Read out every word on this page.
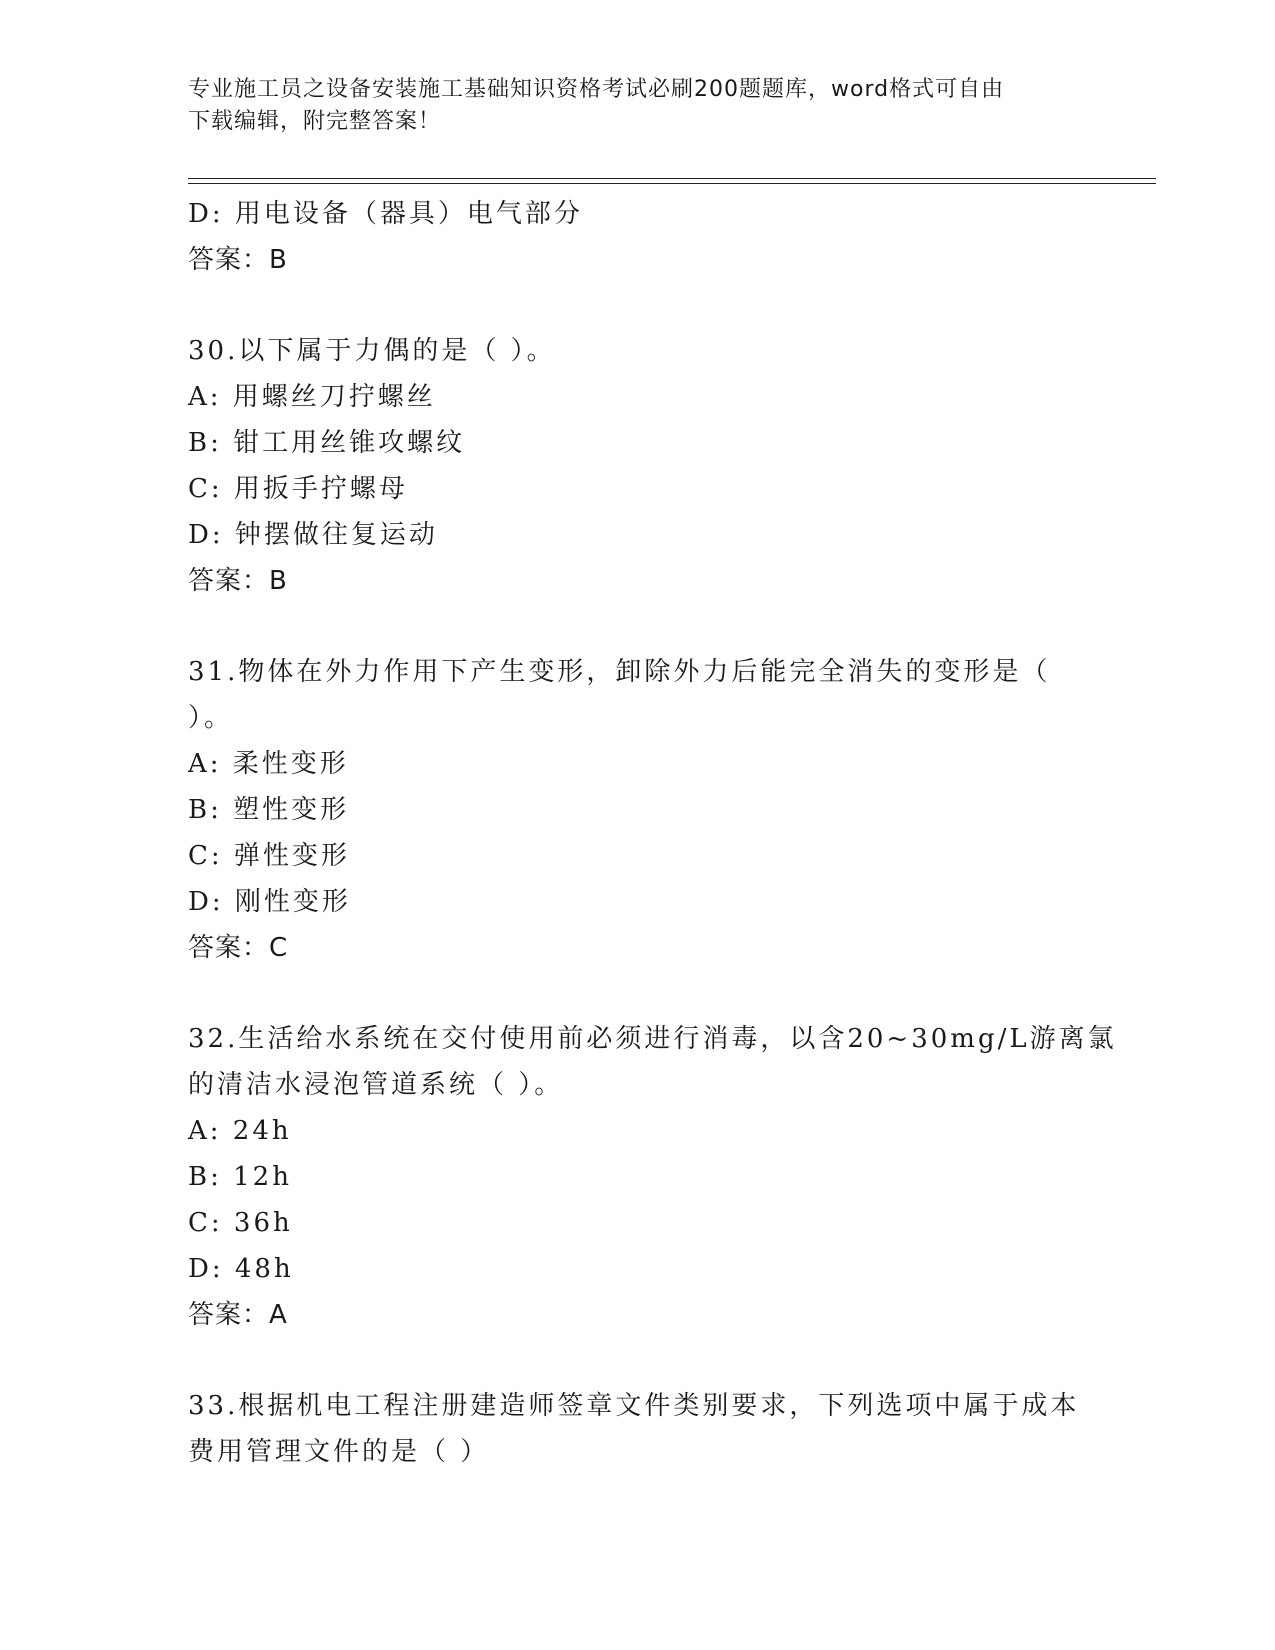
专业施工员之设备安装施工基础知识资格考试必刷200题题库，word格式可自由
下载编辑，附完整答案！
D: 用电设备（器具）电气部分
答案：B
30.以下属于力偶的是（ ）。
A: 用螺丝刀拧螺丝
B: 钳工用丝锥攻螺纹
C: 用扳手拧螺母
D: 钟摆做往复运动
答案：B
31.物体在外力作用下产生变形，卸除外力后能完全消失的变形是（
）。
A: 柔性变形
B: 塑性变形
C: 弹性变形
D: 刚性变形
答案：C
32.生活给水系统在交付使用前必须进行消毒，以含20~30mg/L游离氯
的清洁水浸泡管道系统（ ）。
A: 24h
B: 12h
C: 36h
D: 48h
答案：A
33.根据机电工程注册建造师签章文件类别要求，下列选项中属于成本
费用管理文件的是（ ）
